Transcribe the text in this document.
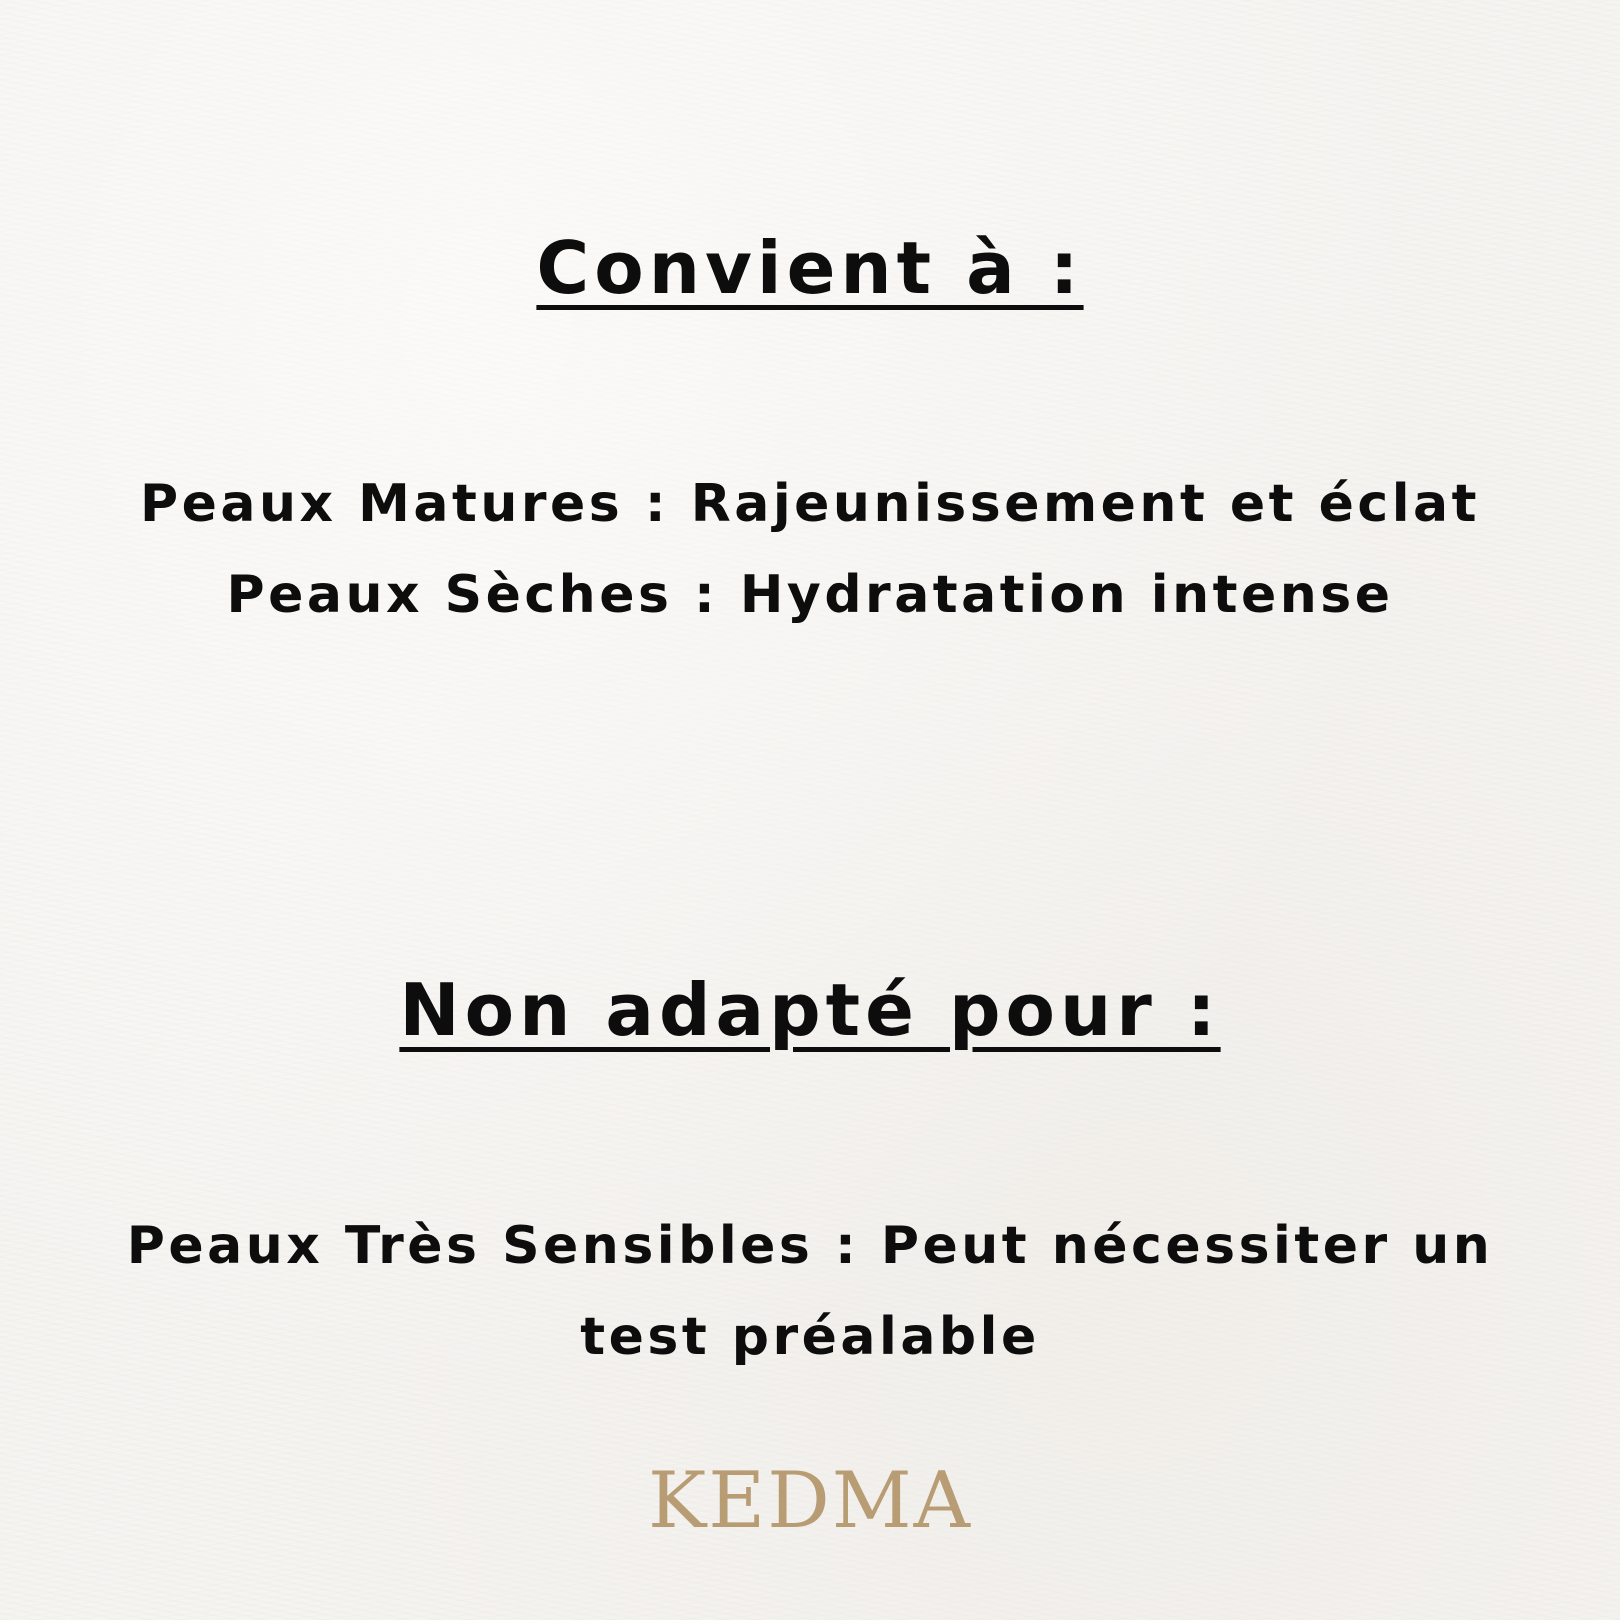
Convient à :

Peaux Matures : Rajeunissement et éclat

Peaux Sèches : Hydratation intense

Non adapté pour :

Peaux Très Sensibles : Peut nécessiter un

test préalable

KEDMA
